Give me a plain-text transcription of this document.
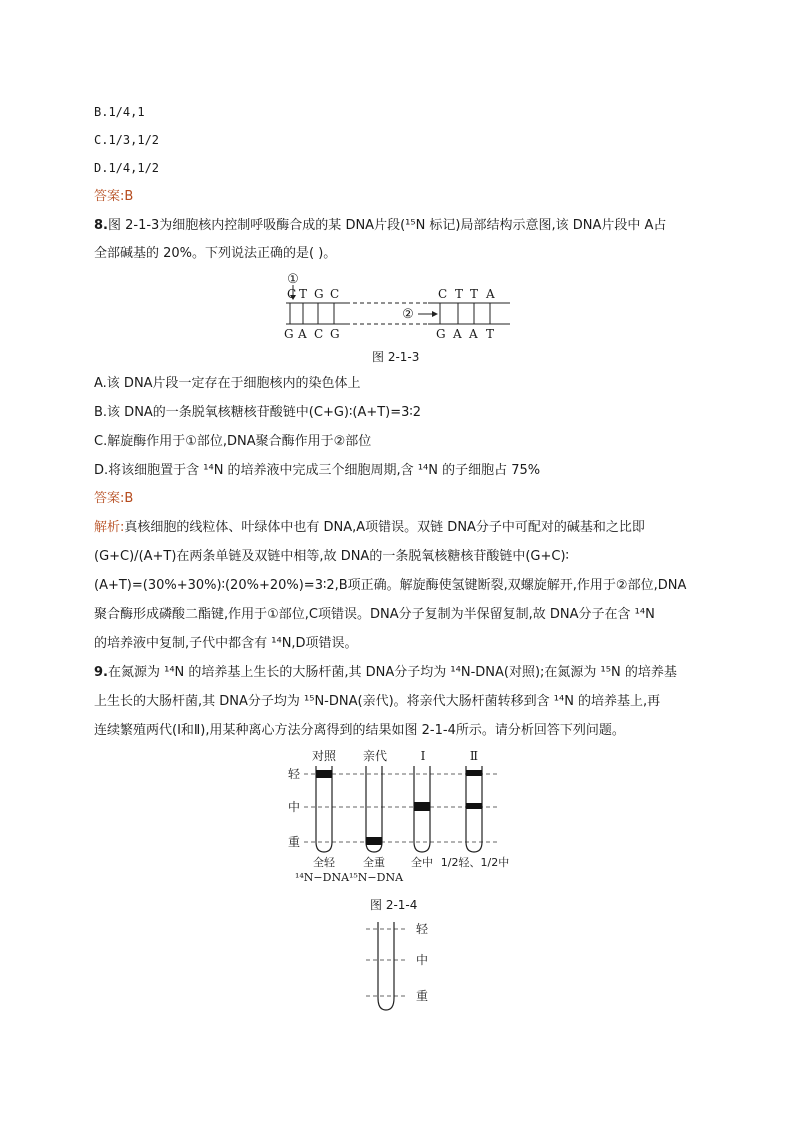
B.1/4,1
C.1/3,1/2
D.1/4,1/2
答案:B
8.图 2-1-3为细胞核内控制呼吸酶合成的某 DNA片段(¹⁵N 标记)局部结构示意图,该 DNA片段中 A占
全部碱基的 20%。下列说法正确的是( )。
①
C T G C	C T T A
②
G A C G	G A A T
图 2-1-3
A.该 DNA片段一定存在于细胞核内的染色体上
B.该 DNA的一条脱氧核糖核苷酸链中(C+G)∶(A+T)=3∶2
C.解旋酶作用于①部位,DNA聚合酶作用于②部位
D.将该细胞置于含 ¹⁴N 的培养液中完成三个细胞周期,含 ¹⁴N 的子细胞占 75%
答案:B
解析:真核细胞的线粒体、叶绿体中也有 DNA,A项错误。双链 DNA分子中可配对的碱基和之比即
(G+C)/(A+T)在两条单链及双链中相等,故 DNA的一条脱氧核糖核苷酸链中(G+C)∶
(A+T)=(30%+30%)∶(20%+20%)=3∶2,B项正确。解旋酶使氢键断裂,双螺旋解开,作用于②部位,DNA
聚合酶形成磷酸二酯键,作用于①部位,C项错误。DNA分子复制为半保留复制,故 DNA分子在含 ¹⁴N
的培养液中复制,子代中都含有 ¹⁴N,D项错误。
9.在氮源为 ¹⁴N 的培养基上生长的大肠杆菌,其 DNA分子均为 ¹⁴N-DNA(对照);在氮源为 ¹⁵N 的培养基
上生长的大肠杆菌,其 DNA分子均为 ¹⁵N-DNA(亲代)。将亲代大肠杆菌转移到含 ¹⁴N 的培养基上,再
连续繁殖两代(Ⅰ和Ⅱ),用某种离心方法分离得到的结果如图 2-1-4所示。请分析回答下列问题。
对照 亲代	Ⅰ	Ⅱ
轻
中
重
全轻	全重 全中 1/2轻、1/2中
¹⁴N−DNA ¹⁵N−DNA
图 2-1-4
轻
中
重
